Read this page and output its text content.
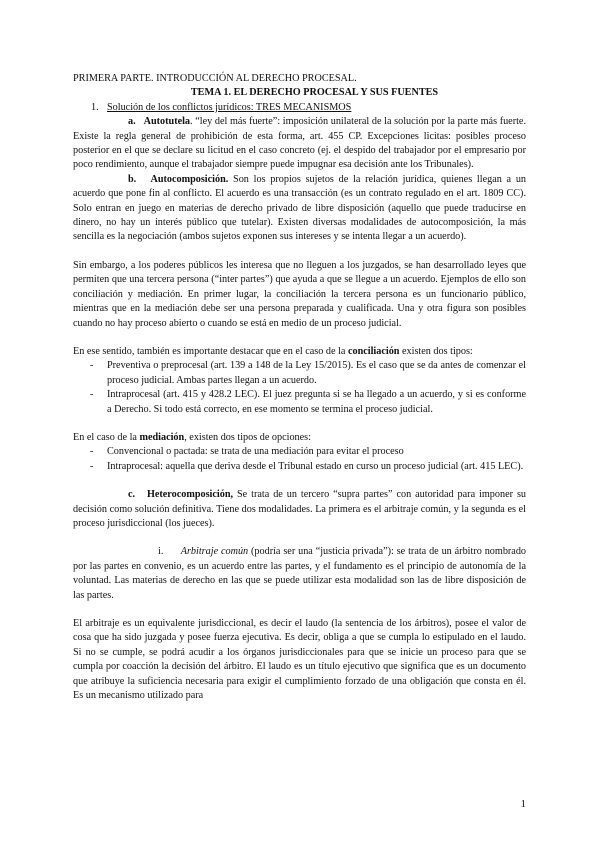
PRIMERA PARTE. INTRODUCCIÓN AL DERECHO PROCESAL.

TEMA 1. EL DERECHO PROCESAL Y SUS FUENTES

1. Solución de los conflictos jurídicos: TRES MECANISMOS

a. Autotutela. “ley del más fuerte”: imposición unilateral de la solución por la parte más fuerte. Existe la regla general de prohibición de esta forma, art. 455 CP. Excepciones licitas: posibles proceso posterior en el que se declare su licitud en el caso concreto (ej. el despido del trabajador por el empresario por poco rendimiento, aunque el trabajador siempre puede impugnar esa decisión ante los Tribunales).

b. Autocomposición. Son los propios sujetos de la relación jurídica, quienes llegan a un acuerdo que pone fin al conflicto. El acuerdo es una transacción (es un contrato regulado en el art. 1809 CC). Solo entran en juego en materias de derecho privado de libre disposición (aquello que puede traducirse en dinero, no hay un interés público que tutelar). Existen diversas modalidades de autocomposición, la más sencilla es la negociación (ambos sujetos exponen sus intereses y se intenta llegar a un acuerdo).

Sin embargo, a los poderes públicos les interesa que no lleguen a los juzgados, se han desarrollado leyes que permiten que una tercera persona (“inter partes”) que ayuda a que se llegue a un acuerdo. Ejemplos de ello son conciliación y mediación. En primer lugar, la conciliación la tercera persona es un funcionario público, mientras que en la mediación debe ser una persona preparada y cualificada. Una y otra figura son posibles cuando no hay proceso abierto o cuando se está en medio de un proceso judicial.

En ese sentido, también es importante destacar que en el caso de la conciliación existen dos tipos:

- Preventiva o preprocesal (art. 139 a 148 de la Ley 15/2015). Es el caso que se da antes de comenzar el proceso judicial. Ambas partes llegan a un acuerdo.
- Intraprocesal (art. 415 y 428.2 LEC). El juez pregunta si se ha llegado a un acuerdo, y si es conforme a Derecho. Si todo está correcto, en ese momento se termina el proceso judicial.

En el caso de la mediación, existen dos tipos de opciones:

- Convencional o pactada: se trata de una mediación para evitar el proceso
- Intraprocesal: aquella que deriva desde el Tribunal estado en curso un proceso judicial (art. 415 LEC).

c. Heterocomposición, Se trata de un tercero “supra partes” con autoridad para imponer su decisión como solución definitiva. Tiene dos modalidades. La primera es el arbitraje común, y la segunda es el proceso jurisdiccional (los jueces).

i. Arbitraje común (podría ser una “justicia privada”): se trata de un árbitro nombrado por las partes en convenio, es un acuerdo entre las partes, y el fundamento es el principio de autonomía de la voluntad. Las materias de derecho en las que se puede utilizar esta modalidad son las de libre disposición de las partes.

El arbitraje es un equivalente jurisdiccional, es decir el laudo (la sentencia de los árbitros), posee el valor de cosa que ha sido juzgada y posee fuerza ejecutiva. Es decir, obliga a que se cumpla lo estipulado en el laudo. Si no se cumple, se podrá acudir a los órganos jurisdiccionales para que se inicie un proceso para que se cumpla por coacción la decisión del árbitro. El laudo es un título ejecutivo que significa que es un documento que atribuye la suficiencia necesaria para exigir el cumplimiento forzado de una obligación que consta en él. Es un mecanismo utilizado para

1
